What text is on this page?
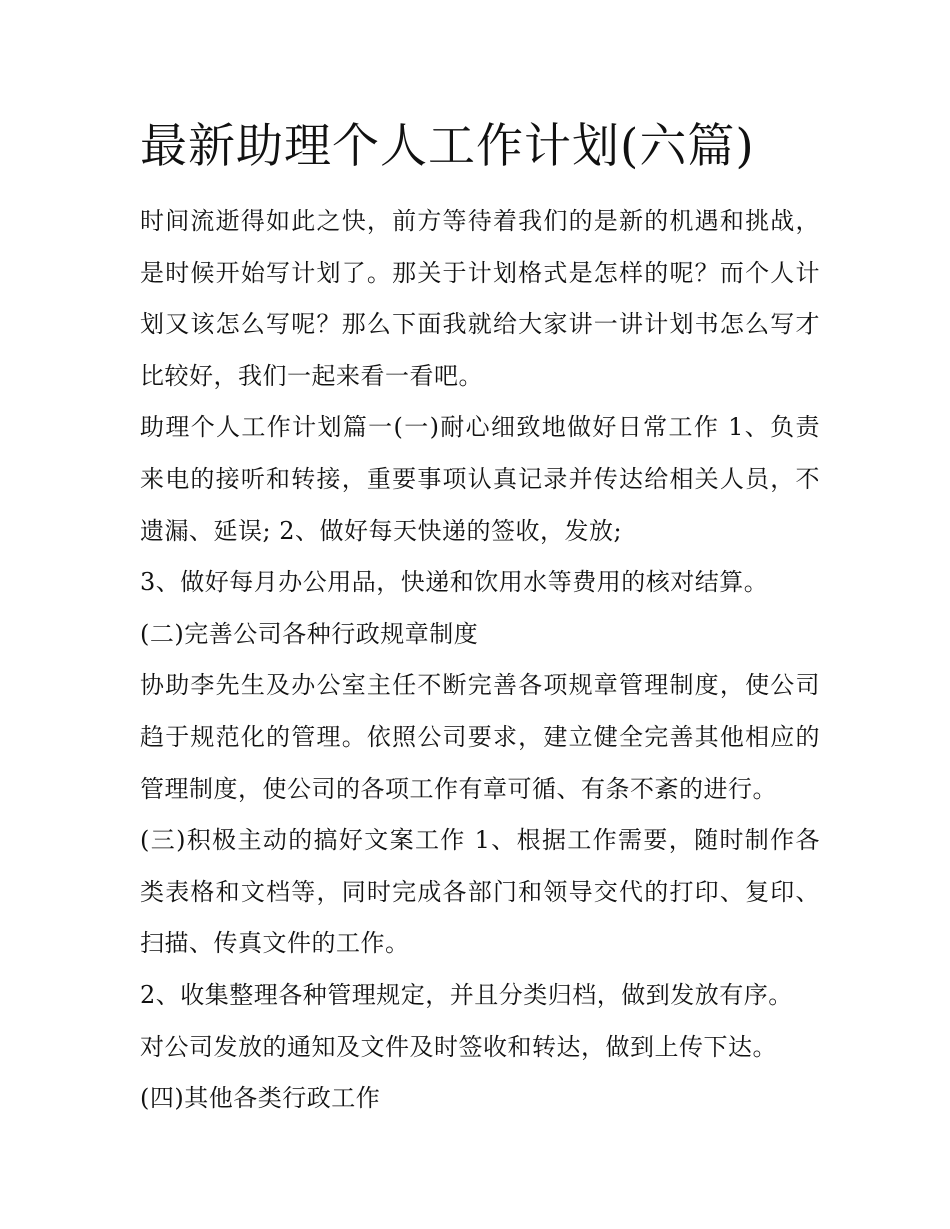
最新助理个人工作计划(六篇)

时间流逝得如此之快，前方等待着我们的是新的机遇和挑战，是时候开始写计划了。那关于计划格式是怎样的呢？而个人计划又该怎么写呢？那么下面我就给大家讲一讲计划书怎么写才比较好，我们一起来看一看吧。

助理个人工作计划篇一(一)耐心细致地做好日常工作 1、负责来电的接听和转接，重要事项认真记录并传达给相关人员，不遗漏、延误; 2、做好每天快递的签收，发放;

3、做好每月办公用品，快递和饮用水等费用的核对结算。

(二)完善公司各种行政规章制度

协助李先生及办公室主任不断完善各项规章管理制度，使公司趋于规范化的管理。依照公司要求，建立健全完善其他相应的管理制度，使公司的各项工作有章可循、有条不紊的进行。

(三)积极主动的搞好文案工作 1、根据工作需要，随时制作各类表格和文档等，同时完成各部门和领导交代的打印、复印、扫描、传真文件的工作。

2、收集整理各种管理规定，并且分类归档，做到发放有序。

对公司发放的通知及文件及时签收和转达，做到上传下达。

(四)其他各类行政工作
